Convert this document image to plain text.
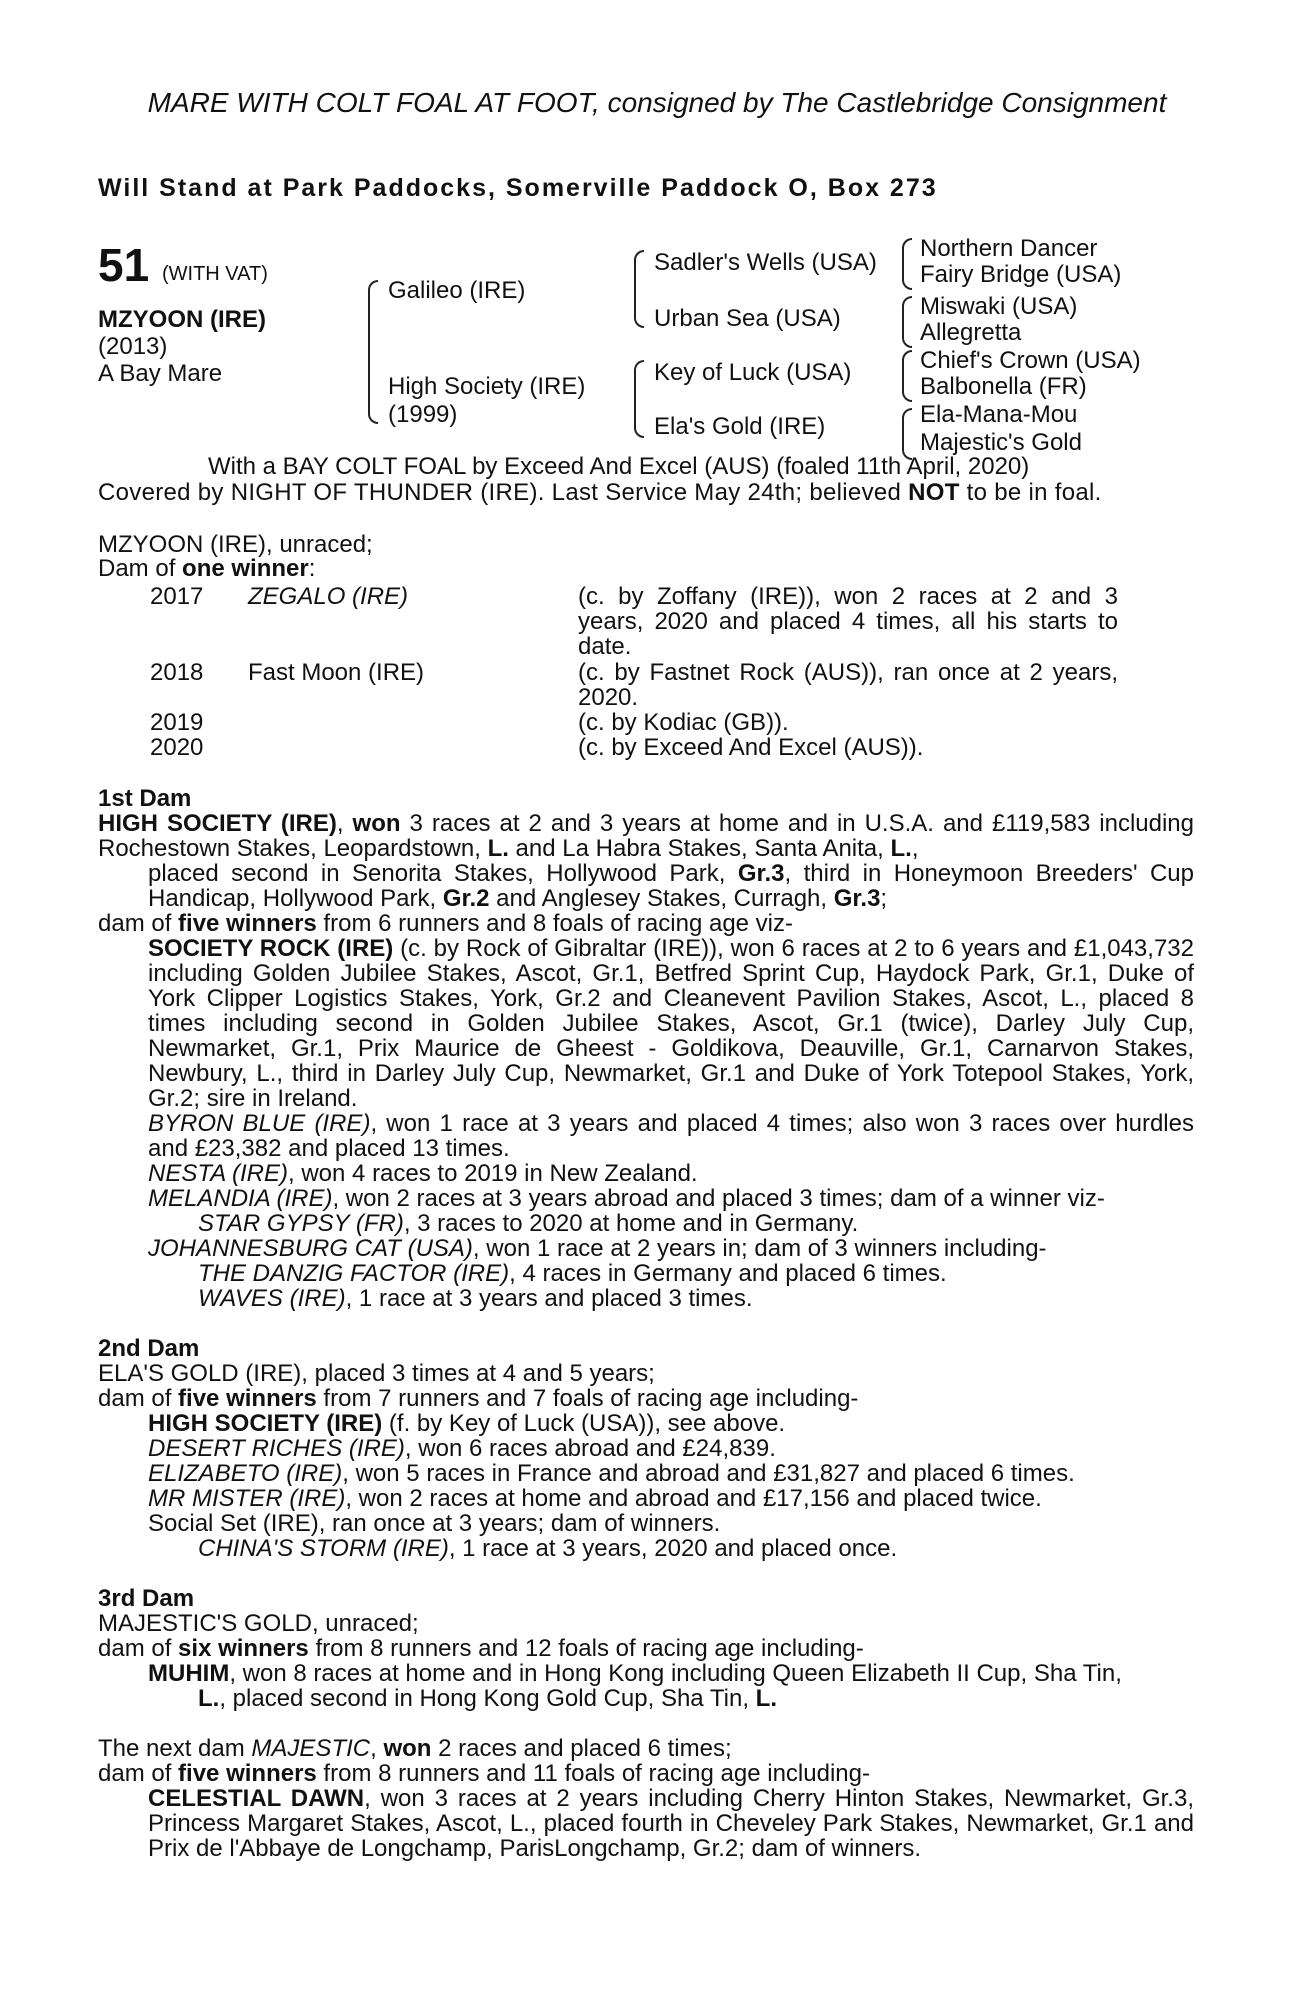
MARE WITH COLT FOAL AT FOOT, consigned by The Castlebridge Consignment
Will Stand at Park Paddocks, Somerville Paddock O, Box 273
51 (WITH VAT)
MZYOON (IRE)
(2013)
A Bay Mare
Galileo (IRE)
High Society (IRE)
(1999)
Sadler's Wells (USA)
Urban Sea (USA)
Key of Luck (USA)
Ela's Gold (IRE)
Northern Dancer
Fairy Bridge (USA)
Miswaki (USA)
Allegretta
Chief's Crown (USA)
Balbonella (FR)
Ela-Mana-Mou
Majestic's Gold
With a BAY COLT FOAL by Exceed And Excel (AUS) (foaled 11th April, 2020)
Covered by NIGHT OF THUNDER (IRE). Last Service May 24th; believed NOT to be in foal.
MZYOON (IRE), unraced;
Dam of one winner:
2017 ZEGALO (IRE)	(c. by Zoffany (IRE)), won 2 races at 2 and 3 years, 2020 and placed 4 times, all his starts to date.
2018 Fast Moon (IRE)	(c. by Fastnet Rock (AUS)), ran once at 2 years, 2020.
2019	(c. by Kodiac (GB)).
2020	(c. by Exceed And Excel (AUS)).
1st Dam
HIGH SOCIETY (IRE), won 3 races at 2 and 3 years at home and in U.S.A. and £119,583 including Rochestown Stakes, Leopardstown, L. and La Habra Stakes, Santa Anita, L.,
placed second in Senorita Stakes, Hollywood Park, Gr.3, third in Honeymoon Breeders' Cup Handicap, Hollywood Park, Gr.2 and Anglesey Stakes, Curragh, Gr.3;
dam of five winners from 6 runners and 8 foals of racing age viz-
SOCIETY ROCK (IRE) (c. by Rock of Gibraltar (IRE)), won 6 races at 2 to 6 years and £1,043,732 including Golden Jubilee Stakes, Ascot, Gr.1, Betfred Sprint Cup, Haydock Park, Gr.1, Duke of York Clipper Logistics Stakes, York, Gr.2 and Cleanevent Pavilion Stakes, Ascot, L., placed 8 times including second in Golden Jubilee Stakes, Ascot, Gr.1 (twice), Darley July Cup, Newmarket, Gr.1, Prix Maurice de Gheest - Goldikova, Deauville, Gr.1, Carnarvon Stakes, Newbury, L., third in Darley July Cup, Newmarket, Gr.1 and Duke of York Totepool Stakes, York, Gr.2; sire in Ireland.
BYRON BLUE (IRE), won 1 race at 3 years and placed 4 times; also won 3 races over hurdles and £23,382 and placed 13 times.
NESTA (IRE), won 4 races to 2019 in New Zealand.
MELANDIA (IRE), won 2 races at 3 years abroad and placed 3 times; dam of a winner viz-
STAR GYPSY (FR), 3 races to 2020 at home and in Germany.
JOHANNESBURG CAT (USA), won 1 race at 2 years in; dam of 3 winners including-
THE DANZIG FACTOR (IRE), 4 races in Germany and placed 6 times.
WAVES (IRE), 1 race at 3 years and placed 3 times.
2nd Dam
ELA'S GOLD (IRE), placed 3 times at 4 and 5 years;
dam of five winners from 7 runners and 7 foals of racing age including-
HIGH SOCIETY (IRE) (f. by Key of Luck (USA)), see above.
DESERT RICHES (IRE), won 6 races abroad and £24,839.
ELIZABETO (IRE), won 5 races in France and abroad and £31,827 and placed 6 times.
MR MISTER (IRE), won 2 races at home and abroad and £17,156 and placed twice.
Social Set (IRE), ran once at 3 years; dam of winners.
CHINA'S STORM (IRE), 1 race at 3 years, 2020 and placed once.
3rd Dam
MAJESTIC'S GOLD, unraced;
dam of six winners from 8 runners and 12 foals of racing age including-
MUHIM, won 8 races at home and in Hong Kong including Queen Elizabeth II Cup, Sha Tin,
L., placed second in Hong Kong Gold Cup, Sha Tin, L.
The next dam MAJESTIC, won 2 races and placed 6 times;
dam of five winners from 8 runners and 11 foals of racing age including-
CELESTIAL DAWN, won 3 races at 2 years including Cherry Hinton Stakes, Newmarket, Gr.3, Princess Margaret Stakes, Ascot, L., placed fourth in Cheveley Park Stakes, Newmarket, Gr.1 and Prix de l'Abbaye de Longchamp, ParisLongchamp, Gr.2; dam of winners.
